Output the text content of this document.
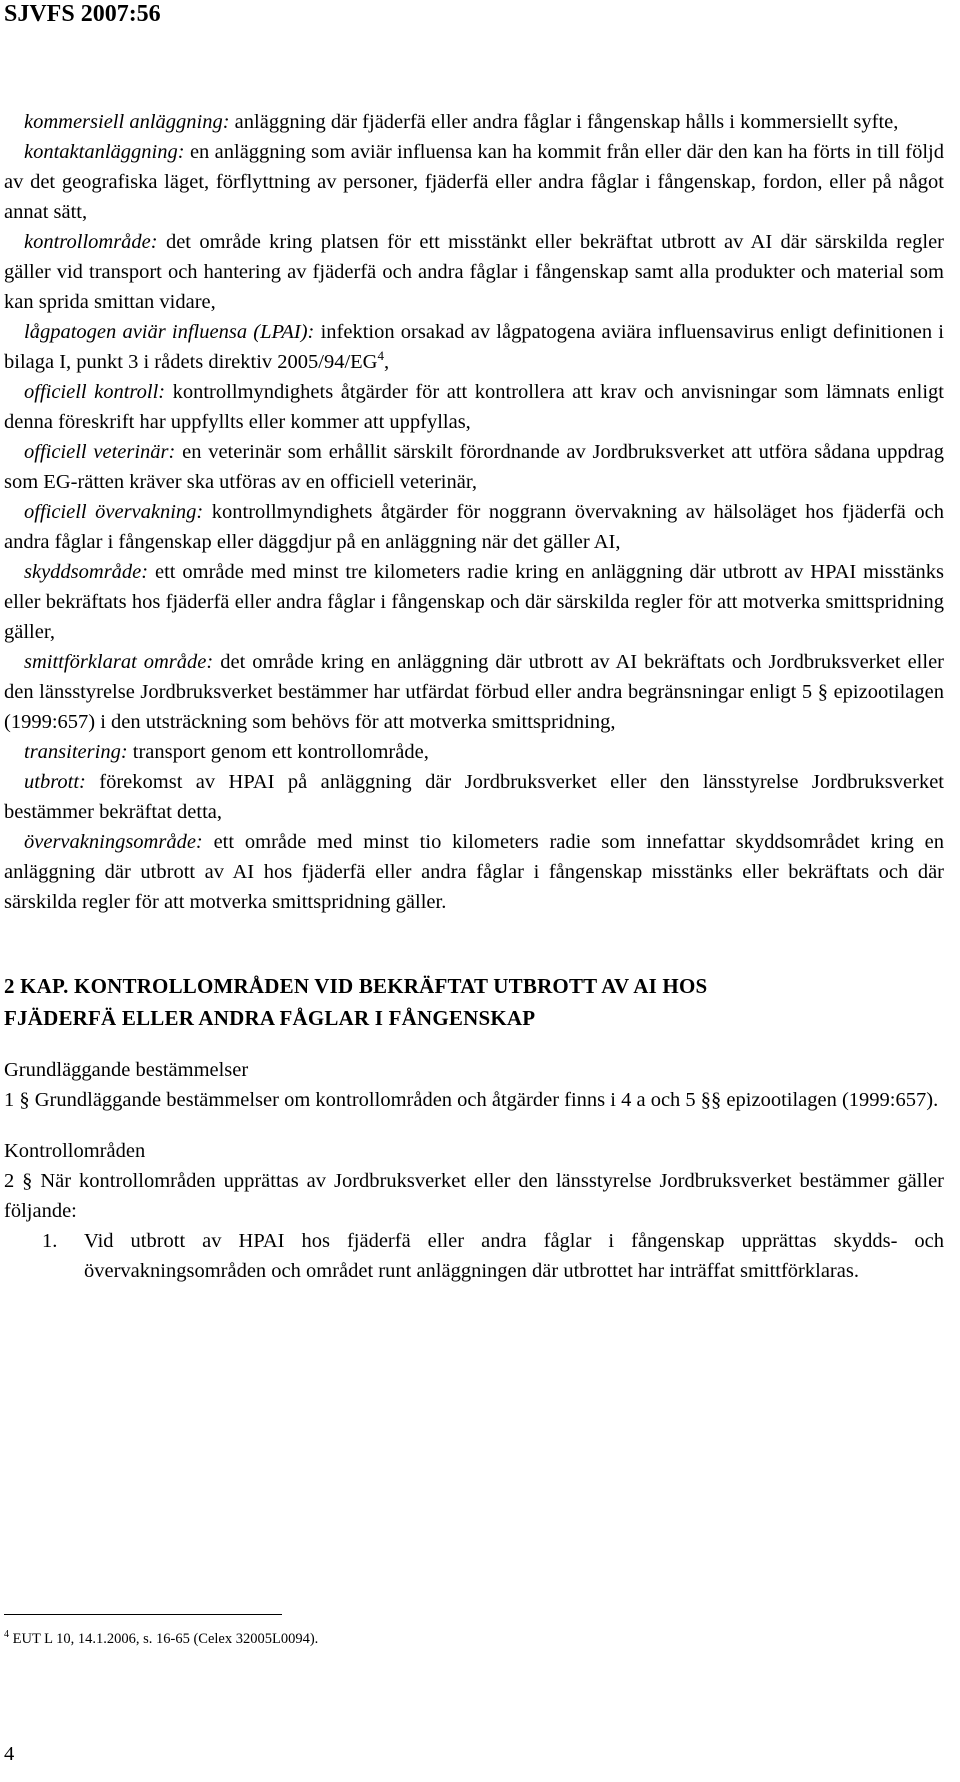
SJVFS 2007:56

kommersiell anläggning: anläggning där fjäderfä eller andra fåglar i fångenskap hålls i kommersiellt syfte,

kontaktanläggning: en anläggning som aviär influensa kan ha kommit från eller där den kan ha förts in till följd av det geografiska läget, förflyttning av personer, fjäderfä eller andra fåglar i fångenskap, fordon, eller på något annat sätt,

kontrollområde: det område kring platsen för ett misstänkt eller bekräftat utbrott av AI där särskilda regler gäller vid transport och hantering av fjäderfä och andra fåglar i fångenskap samt alla produkter och material som kan sprida smittan vidare,

lågpatogen aviär influensa (LPAI): infektion orsakad av lågpatogena aviära influensavirus enligt definitionen i bilaga I, punkt 3 i rådets direktiv $2005/94/EG^4$,

officiell kontroll: kontrollmyndighets åtgärder för att kontrollera att krav och anvisningar som lämnats enligt denna föreskrift har uppfyllts eller kommer att uppfyllas,

officiell veterinär: en veterinär som erhållit särskilt förordnande av Jordbruksverket att utföra sådana uppdrag som EG-rätten kräver ska utföras av en officiell veterinär,

officiell övervakning: kontrollmyndighets åtgärder för noggrann övervakning av hälsoläget hos fjäderfä och andra fåglar i fångenskap eller däggdjur på en anläggning när det gäller AI,

skyddsområde: ett område med minst tre kilometers radie kring en anläggning där utbrott av HPAI misstänks eller bekräftats hos fjäderfä eller andra fåglar i fångenskap och där särskilda regler för att motverka smittspridning gäller,

smittförklarat område: det område kring en anläggning där utbrott av AI bekräftats och Jordbruksverket eller den länsstyrelse Jordbruksverket bestämmer har utfärdat förbud eller andra begränsningar enligt 5 § epizootilagen (1999:657) i den utsträckning som behövs för att motverka smittspridning,

transitering: transport genom ett kontrollområde,

utbrott: förekomst av HPAI på anläggning där Jordbruksverket eller den länsstyrelse Jordbruksverket bestämmer bekräftat detta,

övervakningsområde: ett område med minst tio kilometers radie som innefattar skyddsområdet kring en anläggning där utbrott av AI hos fjäderfä eller andra fåglar i fångenskap misstänks eller bekräftats och där särskilda regler för att motverka smittspridning gäller.

2 KAP. KONTROLLOMRÅDEN VID BEKRÄFTAT UTBROTT AV AI HOS
FJÄDERFÄ ELLER ANDRA FÅGLAR I FÅNGENSKAP
Grundläggande bestämmelser

1 § Grundläggande bestämmelser om kontrollområden och åtgärder finns i 4 a och 5 §§ epizootilagen (1999:657).

Kontrollområden

2 § När kontrollområden upprättas av Jordbruksverket eller den länsstyrelse Jordbruksverket bestämmer gäller följande:

1. Vid utbrott av HPAI hos fjäderfä eller andra fåglar i fångenskap upprättas skydds- och övervakningsområden och området runt anläggningen där utbrottet har inträffat smittförklaras.
$^4$ EUT L 10, 14.1.2006, s. 16-65 (Celex 32005L0094).
4
